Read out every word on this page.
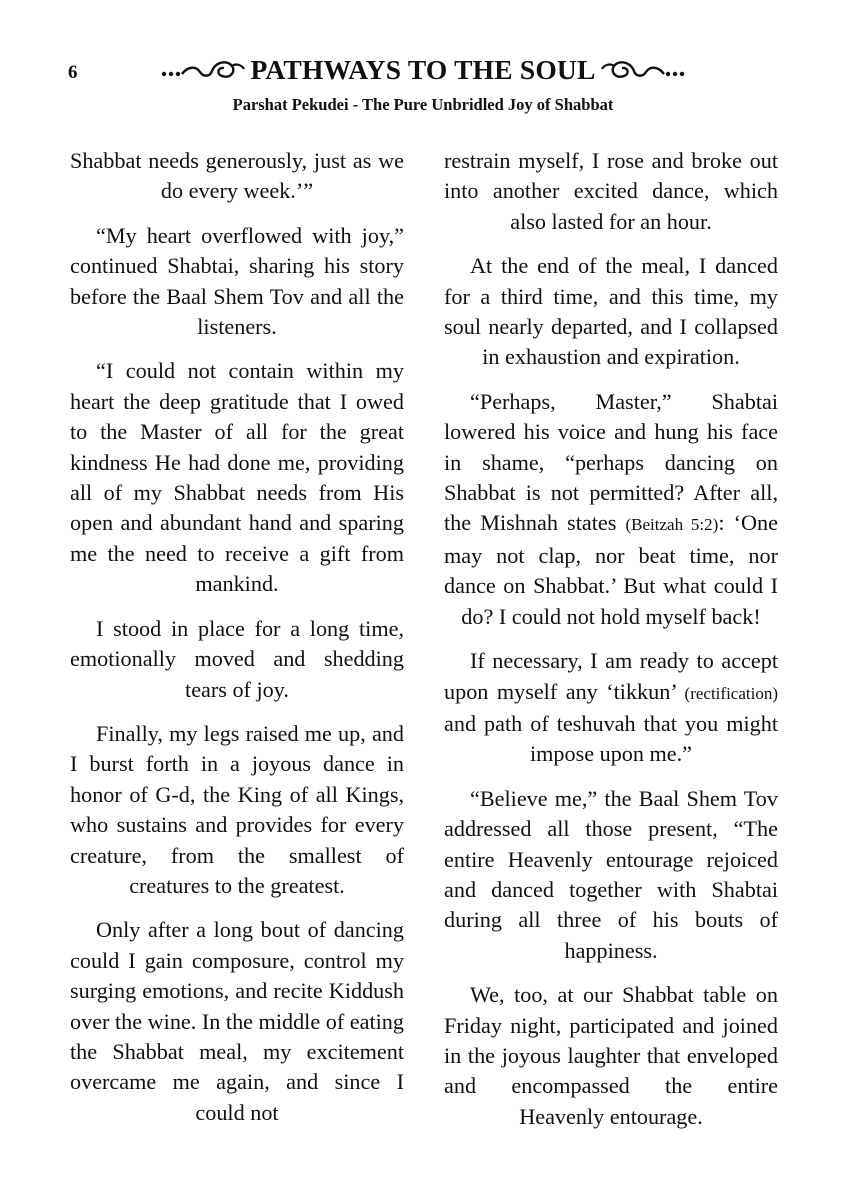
6	PATHWAYS TO THE SOUL
Parshat Pekudei - The Pure Unbridled Joy of Shabbat

Shabbat needs generously, just as we do every week.’”

“My heart overflowed with joy,” continued Shabtai, sharing his story before the Baal Shem Tov and all the listeners.

“I could not contain within my heart the deep gratitude that I owed to the Master of all for the great kindness He had done me, providing all of my Shabbat needs from His open and abundant hand and sparing me the need to receive a gift from mankind.

I stood in place for a long time, emotionally moved and shedding tears of joy.

Finally, my legs raised me up, and I burst forth in a joyous dance in honor of G-d, the King of all Kings, who sustains and provides for every creature, from the smallest of creatures to the greatest.

Only after a long bout of dancing could I gain composure, control my surging emotions, and recite Kiddush over the wine. In the middle of eating the Shabbat meal, my excitement overcame me again, and since I could not

restrain myself, I rose and broke out into another excited dance, which also lasted for an hour.

At the end of the meal, I danced for a third time, and this time, my soul nearly departed, and I collapsed in exhaustion and expiration.

“Perhaps, Master,” Shabtai lowered his voice and hung his face in shame, “perhaps dancing on Shabbat is not permitted? After all, the Mishnah states (Beitzah 5:2): ‘One may not clap, nor beat time, nor dance on Shabbat.’ But what could I do? I could not hold myself back!

If necessary, I am ready to accept upon myself any ‘tikkun’ (rectification) and path of teshuvah that you might impose upon me.”

“Believe me,” the Baal Shem Tov addressed all those present, “The entire Heavenly entourage rejoiced and danced together with Shabtai during all three of his bouts of happiness.

We, too, at our Shabbat table on Friday night, participated and joined in the joyous laughter that enveloped and encompassed the entire Heavenly entourage.
